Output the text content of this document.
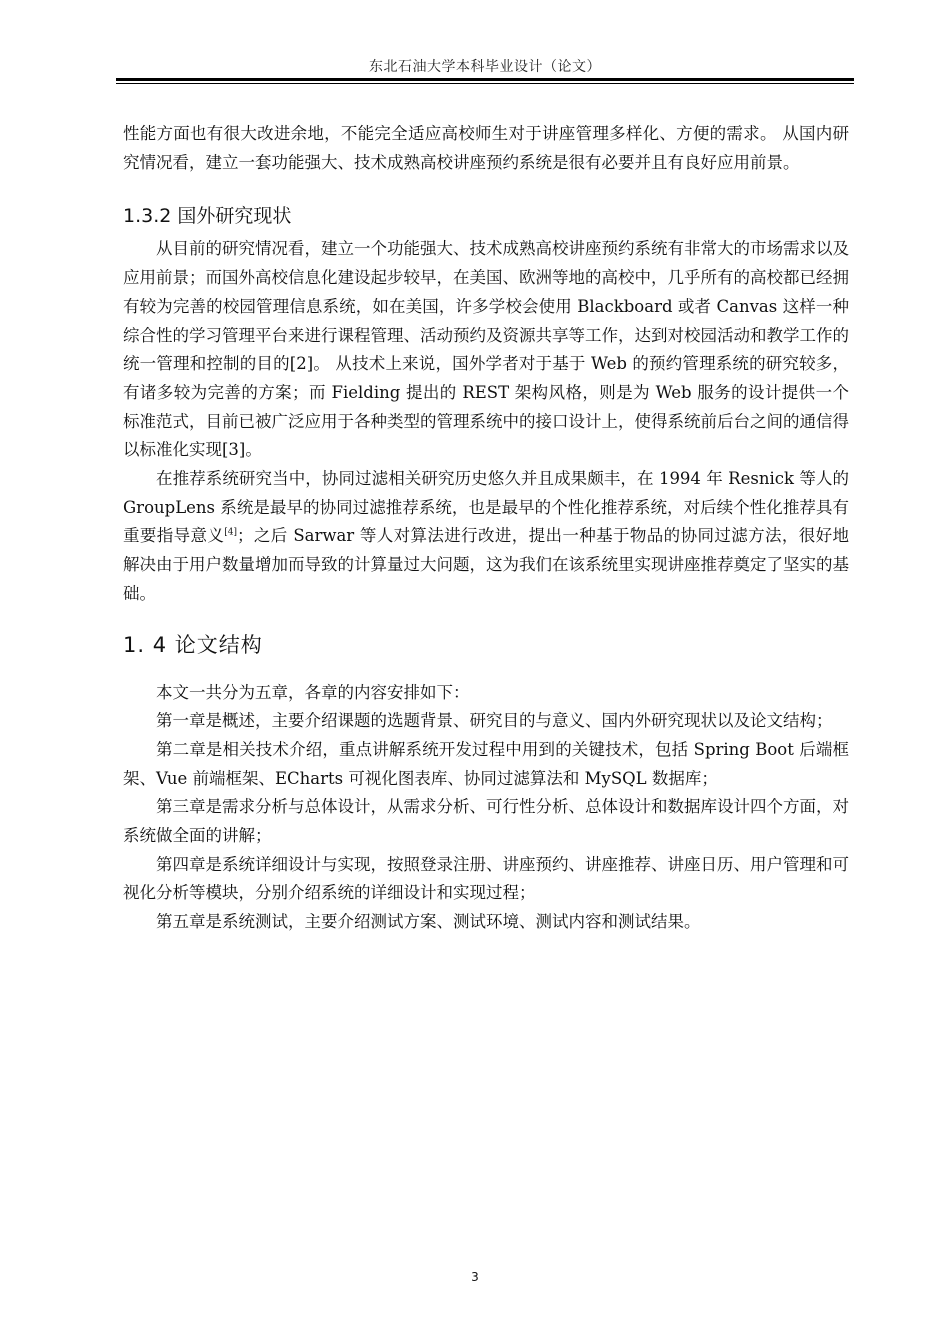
东北石油大学本科毕业设计（论文）

性能方面也有很大改进余地，不能完全适应高校师生对于讲座管理多样化、方便的需求。 从国内研究情况看，建立一套功能强大、技术成熟高校讲座预约系统是很有必要并且有良好应用前景。

1.3.2 国外研究现状

从目前的研究情况看，建立一个功能强大、技术成熟高校讲座预约系统有非常大的市场需求以及应用前景；而国外高校信息化建设起步较早，在美国、欧洲等地的高校中，几乎所有的高校都已经拥有较为完善的校园管理信息系统，如在美国，许多学校会使用 Blackboard 或者 Canvas 这样一种综合性的学习管理平台来进行课程管理、活动预约及资源共享等工作，达到对校园活动和教学工作的统一管理和控制的目的[2]。 从技术上来说，国外学者对于基于 Web 的预约管理系统的研究较多，有诸多较为完善的方案；而 Fielding 提出的 REST 架构风格，则是为 Web 服务的设计提供一个标准范式，目前已被广泛应用于各种类型的管理系统中的接口设计上，使得系统前后台之间的通信得以标准化实现[3]。

在推荐系统研究当中，协同过滤相关研究历史悠久并且成果颇丰，在 1994 年 Resnick 等人的 GroupLens 系统是最早的协同过滤推荐系统，也是最早的个性化推荐系统，对后续个性化推荐具有重要指导意义[4]；之后 Sarwar 等人对算法进行改进，提出一种基于物品的协同过滤方法，很好地解决由于用户数量增加而导致的计算量过大问题，这为我们在该系统里实现讲座推荐奠定了坚实的基础。

1. 4 论文结构

本文一共分为五章，各章的内容安排如下：

第一章是概述，主要介绍课题的选题背景、研究目的与意义、国内外研究现状以及论文结构；

第二章是相关技术介绍，重点讲解系统开发过程中用到的关键技术，包括 Spring Boot 后端框架、Vue 前端框架、ECharts 可视化图表库、协同过滤算法和 MySQL 数据库；

第三章是需求分析与总体设计，从需求分析、可行性分析、总体设计和数据库设计四个方面，对系统做全面的讲解；

第四章是系统详细设计与实现，按照登录注册、讲座预约、讲座推荐、讲座日历、用户管理和可视化分析等模块，分别介绍系统的详细设计和实现过程；

第五章是系统测试，主要介绍测试方案、测试环境、测试内容和测试结果。

3
